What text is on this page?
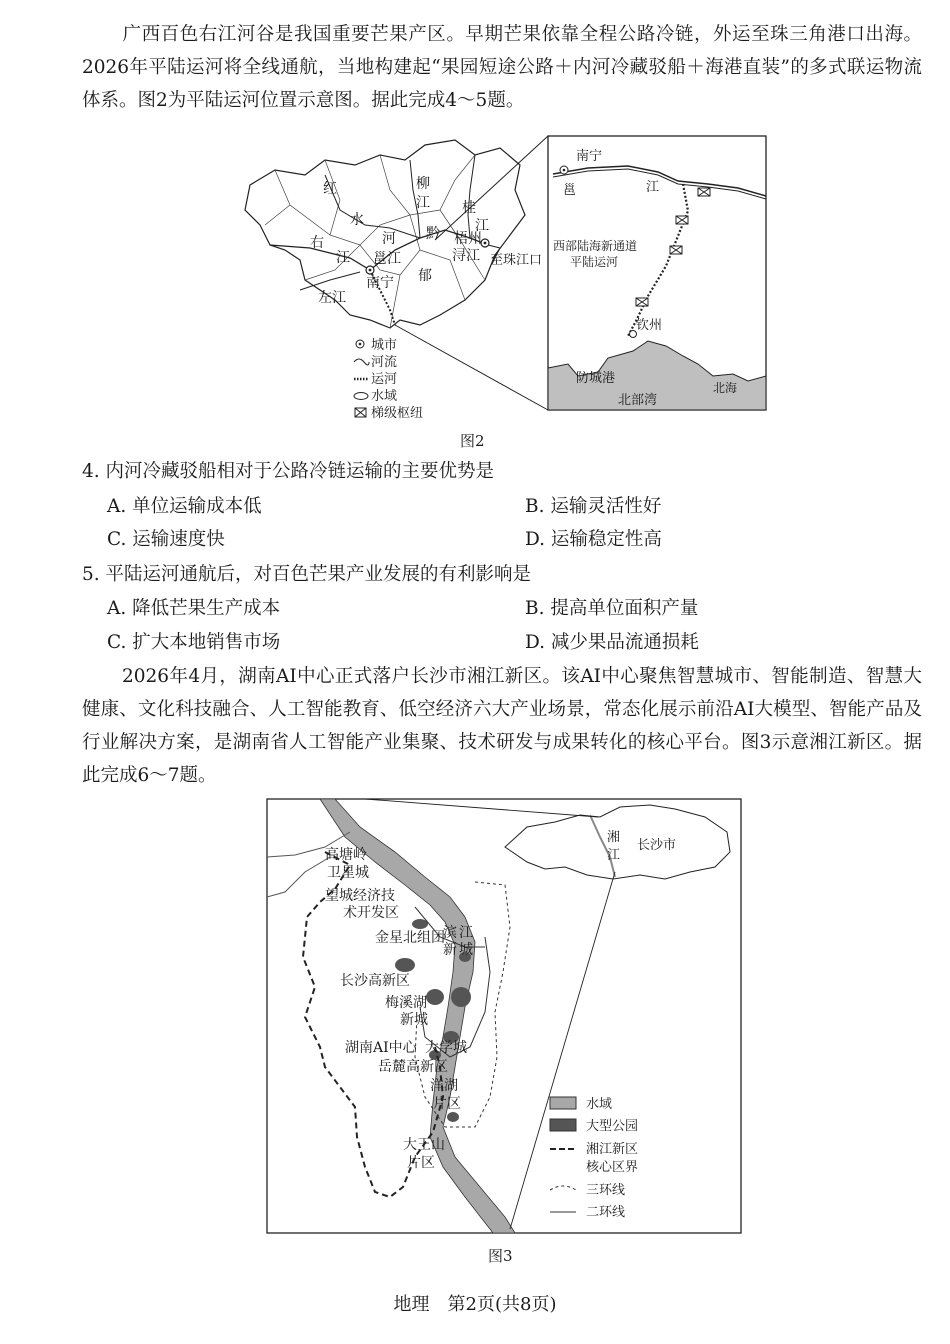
广西百色右江河谷是我国重要芒果产区。早期芒果依靠全程公路冷链，外运至珠三角港口出海。2026年平陆运河将全线通航，当地构建起“果园短途公路＋内河冷藏驳船＋海港直装”的多式联运物流体系。图2为平陆运河位置示意图。据此完成4～5题。

红
水
河
柳
江 桂
江
右
江 邕江
黔
郁
浔江
梧州
左江
南宁
至珠江口
城市
河流
运河
水域
梯级枢纽
南宁
邕	江
西部陆海新通道
平陆运河
钦州
防城港
北海
北部湾
图2

4. 内河冷藏驳船相对于公路冷链运输的主要优势是

A. 单位运输成本低	B. 运输灵活性好

C. 运输速度快	D. 运输稳定性高

5. 平陆运河通航后，对百色芒果产业发展的有利影响是

A. 降低芒果生产成本	B. 提高单位面积产量

C. 扩大本地销售市场	D. 减少果品流通损耗

2026年4月，湖南AI中心正式落户长沙市湘江新区。该AI中心聚焦智慧城市、智能制造、智慧大健康、文化科技融合、人工智能教育、低空经济六大产业场景，常态化展示前沿AI大模型、智能产品及行业解决方案，是湖南省人工智能产业集聚、技术研发与成果转化的核心平台。图3示意湘江新区。据此完成6～7题。

高塘岭
卫星城
望城经济技
术开发区
金星北组团
滨 江
新 城
长沙高新区
梅溪湖
新城
湖南AI中心 大学城
岳麓高新区
洋湖
片区
大王山
片区
湘
江
长沙市
水域
大型公园
湘江新区
核心区界
三环线
二环线
图3
地理　第2页(共8页)
